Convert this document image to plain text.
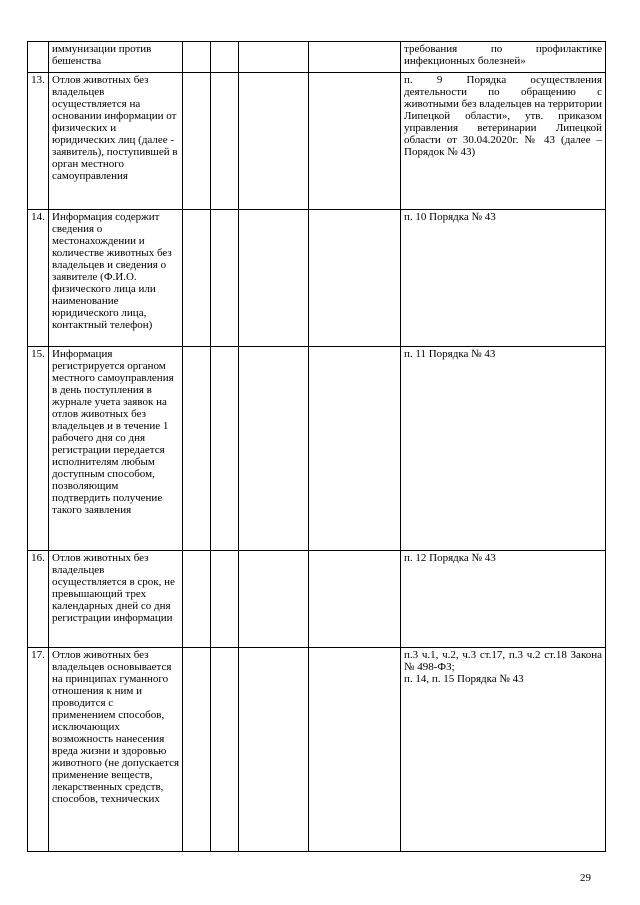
	иммунизации против бешенства					требования по профилактике инфекционных болезней»
13.	Отлов животных без владельцев осуществляется на основании информации от физических и юридических лиц (далее - заявитель), поступившей в орган местного самоуправления					п. 9 Порядка осуществления деятельности по обращению с животными без владельцев на территории Липецкой области», утв. приказом управления ветеринарии Липецкой области от 30.04.2020г. № 43 (далее – Порядок № 43)
14.	Информация содержит сведения о местонахождении и количестве животных без владельцев и сведения о заявителе (Ф.И.О. физического лица или наименование юридического лица, контактный телефон)					п. 10 Порядка № 43
15.	Информация регистрируется органом местного самоуправления в день поступления в журнале учета заявок на отлов животных без владельцев и в течение 1 рабочего дня со дня регистрации передается исполнителям любым доступным способом, позволяющим подтвердить получение такого заявления					п. 11 Порядка № 43
16.	Отлов животных без владельцев осуществляется в срок, не превышающий трех календарных дней со дня регистрации информации					п. 12 Порядка № 43
17.	Отлов животных без владельцев основывается на принципах гуманного отношения к ним и проводится с применением способов, исключающих возможность нанесения вреда жизни и здоровью животного (не допускается применение веществ, лекарственных средств, способов, технических					п.3 ч.1, ч.2, ч.3 ст.17, п.3 ч.2 ст.18 Закона № 498-ФЗ;
п. 14, п. 15 Порядка № 43
29
